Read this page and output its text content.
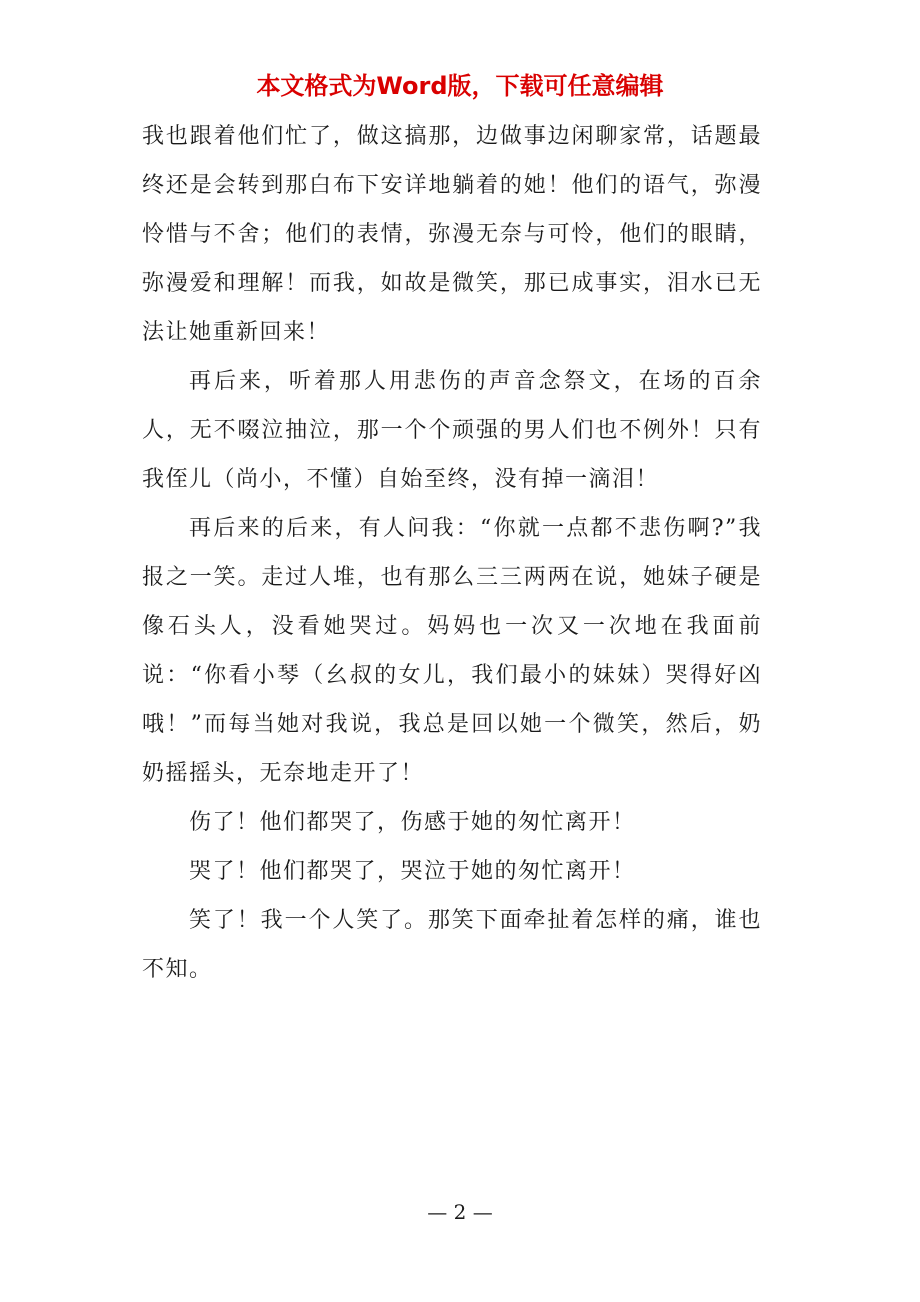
本文格式为Word版，下载可任意编辑

我也跟着他们忙了，做这搞那，边做事边闲聊家常，话题最终还是会转到那白布下安详地躺着的她！他们的语气，弥漫怜惜与不舍；他们的表情，弥漫无奈与可怜，他们的眼睛，弥漫爱和理解！而我，如故是微笑，那已成事实，泪水已无法让她重新回来！

再后来，听着那人用悲伤的声音念祭文，在场的百余人，无不啜泣抽泣，那一个个顽强的男人们也不例外！只有我侄儿（尚小，不懂）自始至终，没有掉一滴泪！

再后来的后来，有人问我：“你就一点都不悲伤啊?”我报之一笑。走过人堆，也有那么三三两两在说，她妹子硬是像石头人，没看她哭过。妈妈也一次又一次地在我面前说：“你看小琴（幺叔的女儿，我们最小的妹妹）哭得好凶哦！”而每当她对我说，我总是回以她一个微笑，然后，奶奶摇摇头，无奈地走开了！

伤了！他们都哭了，伤感于她的匆忙离开！

哭了！他们都哭了，哭泣于她的匆忙离开！

笑了！我一个人笑了。那笑下面牵扯着怎样的痛，谁也不知。

— 2 —
